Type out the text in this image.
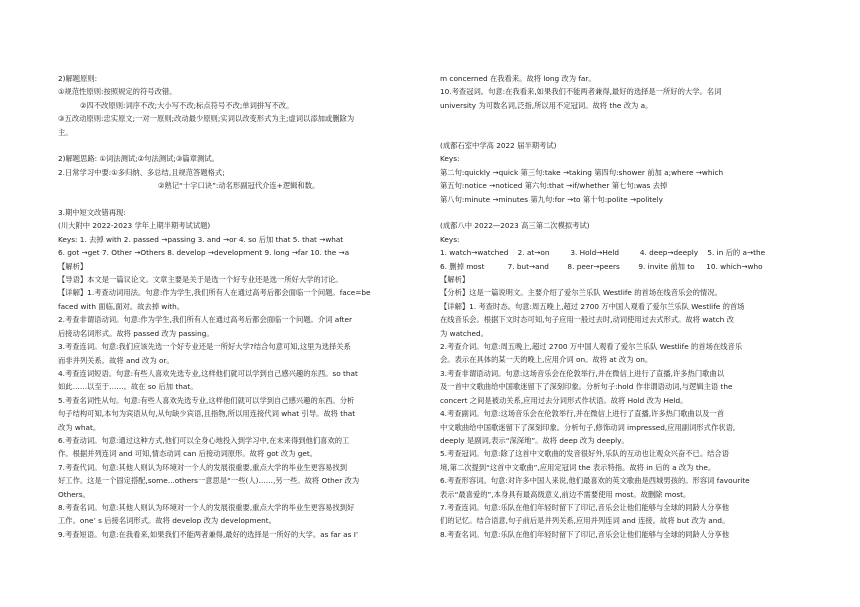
2)解题原则:

①规范性原则:按照规定的符号改错。

②四不改原则:词序不改;大小写不改;标点符号不改;单词拼写不改。

③五改动原则:忠实原文;一对一原则;改动最少原则;实词以改变形式为主;虚词以添加或删除为

主。

2)解题思路: ①词法测试;②句法测试;③篇章测试。

2.日常学习中要:①多归纳、多总结,且规范答题格式;

②熟记“十字口诀”:动名形副冠代介连+逻辑和数。

3.期中短文改错再现:

(川大附中 2022-2023 学年上期半期考试试题)

Keys: 1. 去掉 with 2. passed →passing 3. and →or 4. so 后加 that 5. that →what

6. got →get 7. Other →Others 8. develop →development 9. long →far 10. the →a

【解析】

【导语】本文是一篇议论文。文章主要是关于是选一个好专业还是选一所好大学的讨论。

【详解】1.考查动词用法。句意:作为学生,我们所有人在通过高考后都会面临一个问题。face=be

faced with 面临,面对。故去掉 with。

2.考查非谓语动词。句意:作为学生,我们所有人在通过高考后都会面临一个问题。介词 after

后接动名词形式。故将 passed 改为 passing。

3.考查连词。句意:我们应该先选一个好专业还是一所好大学?结合句意可知,这里为选择关系

而非并列关系。故将 and 改为 or。

4.考查连词短语。句意:有些人喜欢先选专业,这样他们就可以学到自己感兴趣的东西。so that

如此……以至于……。故在 so 后加 that。

5.考查名词性从句。句意:有些人喜欢先选专业,这样他们就可以学到自己感兴趣的东西。分析

句子结构可知,本句为宾语从句,从句缺少宾语,且指物,所以用连接代词 what 引导。故将 that

改为 what。

6.考查动词。句意:通过这种方式,他们可以全身心地投入到学习中,在未来得到他们喜欢的工

作。根据并列连词 and 可知,情态动词 can 后接动词原形。故将 got 改为 get。

7.考查代词。句意:其他人则认为环境对一个人的发展很重要,重点大学的毕业生更容易找到

好工作。这是一个固定搭配,some...others一意思是“一些(人)……,另一些。故将 Other 改为

Others。

8.考查名词。句意:其他人则认为环境对一个人的发展很重要,重点大学的毕业生更容易找到好

工作。one’ s 后接名词形式。故将 develop 改为 development。

9.考查短语。句意:在我看来,如果我们不能两者兼得,最好的选择是一所好的大学。as far as I’

m concerned 在我看来。故将 long 改为 far。

10.考查冠词。句意:在我看来,如果我们不能两者兼得,最好的选择是一所好的大学。名词

university 为可数名词,泛指,所以用不定冠词。故将 the 改为 a。

(成都石室中学高 2022 届半期考试)

Keys:

第二句:quickly →quick 第三句:take →taking 第四句:shower 前加 a;where →which

第五句:notice →noticed 第六句:that →if/whether 第七句:was 去掉

第八句:minute →minutes 第九句:for →to 第十句:polite →politely

(成都八中 2022—2023 高三第二次模拟考试)

Keys:

1. watch→watched    2. at→on         3. Hold→Held         4. deep→deeply    5. in 后的 a→the

6. 删掉 most          7. but→and        8. peer→peers        9. invite 前加 to     10. which→who

【解析】

【分析】这是一篇说明文。主要介绍了爱尔兰乐队 Westlife 的首场在线音乐会的情况。

【详解】1. 考查时态。句意:周五晚上,超过 2700 万中国人观看了爱尔兰乐队 Westlife 的首场

在线音乐会。根据下文时态可知,句子应用一般过去时,动词使用过去式形式。故将 watch 改

为 watched。

2.考查介词。句意:周五晚上,超过 2700 万中国人观看了爱尔兰乐队 Westlife 的首场在线音乐

会。表示在具体的某一天的晚上,应用介词 on。故将 at 改为 on。

3.考查非谓语动词。句意:这场音乐会在伦敦举行,并在微信上进行了直播,许多热门歌曲以

及一首中文歌曲给中国歌迷留下了深刻印象。分析句子:hold 作非谓语动词,与逻辑主语 the

concert 之间是被动关系,应用过去分词形式作状语。故将 Hold 改为 Held。

4.考查副词。句意:这场音乐会在伦敦举行,并在微信上进行了直播,许多热门歌曲以及一首

中文歌曲给中国歌迷留下了深刻印象。分析句子,修饰动词 impressed,应用副词形式作状语,

deeply 是副词,表示“深深地”。故将 deep 改为 deeply。

5.考查冠词。句意:除了这首中文歌曲的发音很好外,乐队的互动也让观众兴奋不已。结合语

境,第二次提到“这首中文歌曲”,应用定冠词 the 表示特指。故将 in 后的 a 改为 the。

6.考查形容词。句意:对许多中国人来说,他们最喜欢的英文歌曲是西城男孩的。形容词 favourite

表示“最喜爱的”,本身具有最高级意义,前边不需要使用 most。故删除 most。

7.考查连词。句意:乐队在他们年轻时留下了印记,音乐会让他们能够与全球的同龄人分享他

们的记忆。结合语意,句子前后是并列关系,应用并列连词 and 连接。故将 but 改为 and。

8.考查名词。句意:乐队在他们年轻时留下了印记,音乐会让他们能够与全球的同龄人分享他
